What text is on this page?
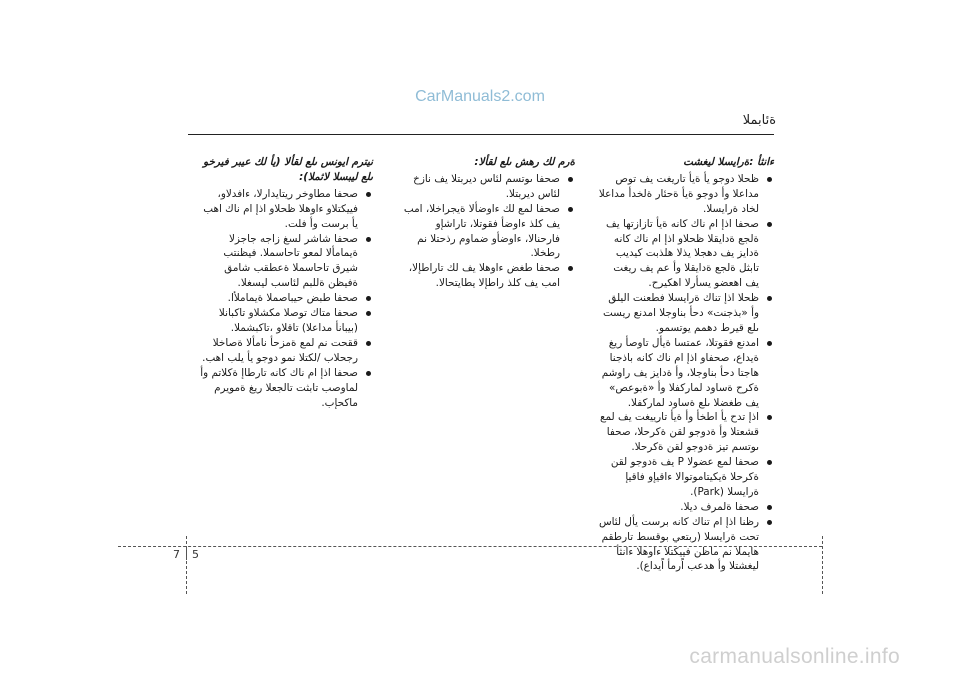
CarManuals2.com
ةئابملا
ءانثأ :ةرايسلا ليغشت
ظحلا دوجو يأ ةيأ تاريغت يف توص مداعلا وأ دوجو ةيأ ةحئار ةلخدأ مداعلا لخاد ةرايسلا.
صحفا اذإ ام ناك كانه ةيأ تازازتها يف ةلجع ةدايقلا ظحلاو اذإ ام ناك كانه ةدايز يف دهجلا يذلا هلذبت كيديب تابثل ةلجع ةدايقلا وأ عم يف ريغت يف اهعضو يسأرلا اهكيرح.
ظحلا اذإ تناك ةرايسلا فطعنت اليلق وأ «بذجنت» دحأ بناوجلا امدنع ريست ىلع قيرط دهمم يوتسمو.
امدنع فقوتلا، عمتسا ةيأل تاوصأ ريغ ةيداع، صحفاو اذإ ام ناك كانه باذجنا هاجتا دحأ بناوجلا، وأ ةدايز يف راوشم ةكرح ةساود لماركفلا وأ «ةبوعص» يف طغضلا ىلع ةساود لماركفلا.
اذإ تدح يأ اطخأ وأ ةيأ تارييغت يف لمع قشعتلا وأ ةدوجو لقن ةكرحلا، صحفا ىوتسم تيز ةدوجو لقن ةكرحلا.
صحفا لمع عضولا P يف ةدوجو لقن ةكرحلا ةيكيتاموتوالا ءاقيإو فاقيإ ةرايسلا (Park).
صحفا ةلمرف ديلا.
رظنا اذإ ام تناك كانه برست يأل لئاس تحت ةرايسلا (ربتعي بوقسط تارطقم هايملا نم ماظن فييكتلا ءاوهلا ءانثأ ليغشتلا وأ هدعب اًرمأ اًيداع).
ةرم لك رهش ىلع لقألا:
صحفا ىوتسم لئاس ديربتلا يف نازخ لئاس ديربتلا.
صحفا لمع لك ءاوضألا ةيجراخلا، امب يف كلذ ءاوضأ فقوتلا، تاراشإو فارحنالا، ءاوضأو ضماوم رذحتلا نم رطخلا.
صحفا طغض ءاوهلا يف لك تاراطإلا، امب يف كلذ راطإلا يطايتحالا.
نيترم ايونس ىلع لقألا (يأ لك عيبر فيرخو ىلع ليبسلا لاثملا):
صحفا مطاوخر ريتايدارلا، ءافدلاو، فييكتلاو ءاوهلا ظحلاو اذإ ام ناك اهب يأ برست وأ فلت.
صحفا شاشر لسغ زاجه جاجزلا ةيمامألا لمعو تاحاسملا. فيظنتب شيرق تاحاسملا ةعطقب شامق ةفيظن ةللبم لئاسب ليسغلا.
صحفا طبض حيباصملا ةيماملأا.
صحفا متاك توصلا مكشلاو تاكبانلا (بيبانأ مداعلا) تاقلاو ،تاكبشملا.
ققحت نم لمع ةمزحأ نامألا ةصاخلا رجحلاب /لكتلا نمو دوجو يأ يلب اهب.
صحفا اذإ ام ناك كانه تارطاإ ةكلاتم وأ لماوصب تابثت تالجعلا ريغ ةمويرم ماكحإب.
7 5
carmanualsonline.info
